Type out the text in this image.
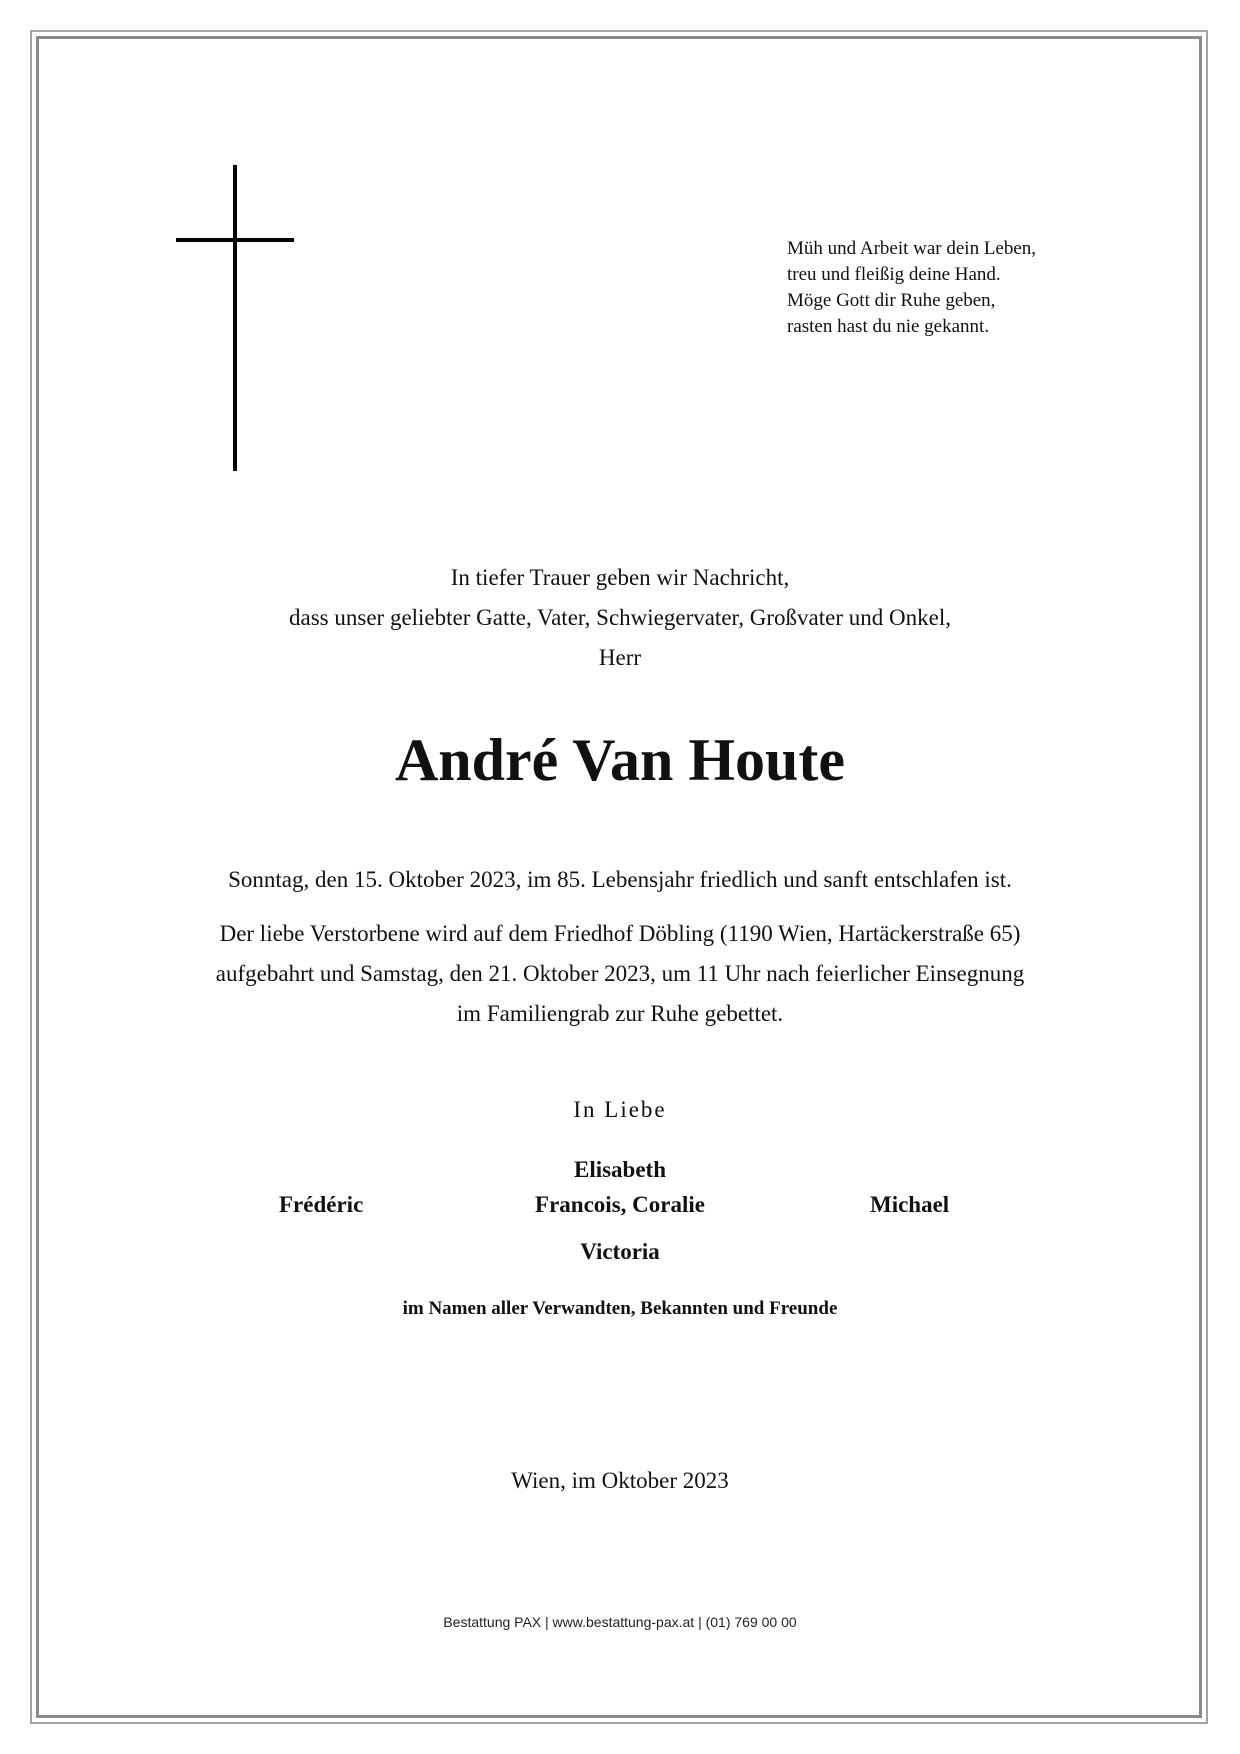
Müh und Arbeit war dein Leben,
treu und fleißig deine Hand.
Möge Gott dir Ruhe geben,
rasten hast du nie gekannt.
In tiefer Trauer geben wir Nachricht,
dass unser geliebter Gatte, Vater, Schwiegervater, Großvater und Onkel,
Herr
André Van Houte
Sonntag, den 15. Oktober 2023, im 85. Lebensjahr friedlich und sanft entschlafen ist.
Der liebe Verstorbene wird auf dem Friedhof Döbling (1190 Wien, Hartäckerstraße 65)
aufgebahrt und Samstag, den 21. Oktober 2023, um 11 Uhr nach feierlicher Einsegnung
im Familiengrab zur Ruhe gebettet.
In Liebe
Elisabeth
Frédéric	Francois, Coralie	Michael
Victoria
im Namen aller Verwandten, Bekannten und Freunde
Wien, im Oktober 2023
Bestattung PAX | www.bestattung-pax.at | (01) 769 00 00
